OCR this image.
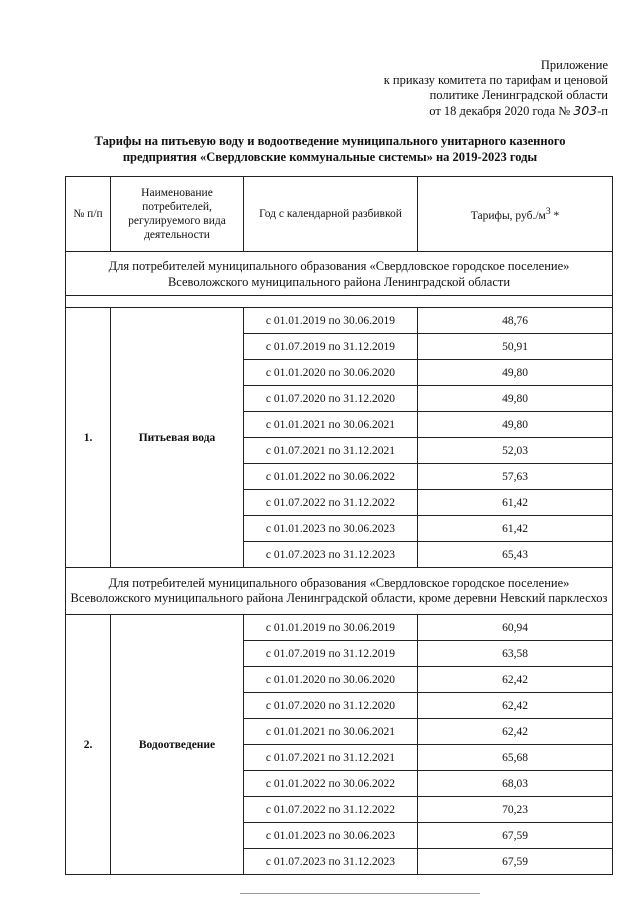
Приложение
к приказу комитета по тарифам и ценовой
политике Ленинградской области
от 18 декабря 2020 года № 303-п
Тарифы на питьевую воду и водоотведение муниципального унитарного казенного
предприятия «Свердловские коммунальные системы» на 2019-2023 годы
№ п/п	Наименование потребителей, регулируемого вида деятельности	Год с календарной разбивкой	Тарифы, $руб./м^3$ *
Для потребителей муниципального образования «Свердловское городское поселение» Всеволожского муниципального района Ленинградской области			

1.	Питьевая вода	с 01.01.2019 по 30.06.2019	48,76
		с 01.07.2019 по 31.12.2019	50,91
		с 01.01.2020 по 30.06.2020	49,80
		с 01.07.2020 по 31.12.2020	49,80
		с 01.01.2021 по 30.06.2021	49,80
		с 01.07.2021 по 31.12.2021	52,03
		с 01.01.2022 по 30.06.2022	57,63
		с 01.07.2022 по 31.12.2022	61,42
		с 01.01.2023 по 30.06.2023	61,42
		с 01.07.2023 по 31.12.2023	65,43
Для потребителей муниципального образования «Свердловское городское поселение» Всеволожского муниципального района Ленинградской области, кроме деревни Невский парклесхоз			
2.	Водоотведение	с 01.01.2019 по 30.06.2019	60,94
		с 01.07.2019 по 31.12.2019	63,58
		с 01.01.2020 по 30.06.2020	62,42
		с 01.07.2020 по 31.12.2020	62,42
		с 01.01.2021 по 30.06.2021	62,42
		с 01.07.2021 по 31.12.2021	65,68
		с 01.01.2022 по 30.06.2022	68,03
		с 01.07.2022 по 31.12.2022	70,23
		с 01.01.2023 по 30.06.2023	67,59
		с 01.07.2023 по 31.12.2023	67,59
